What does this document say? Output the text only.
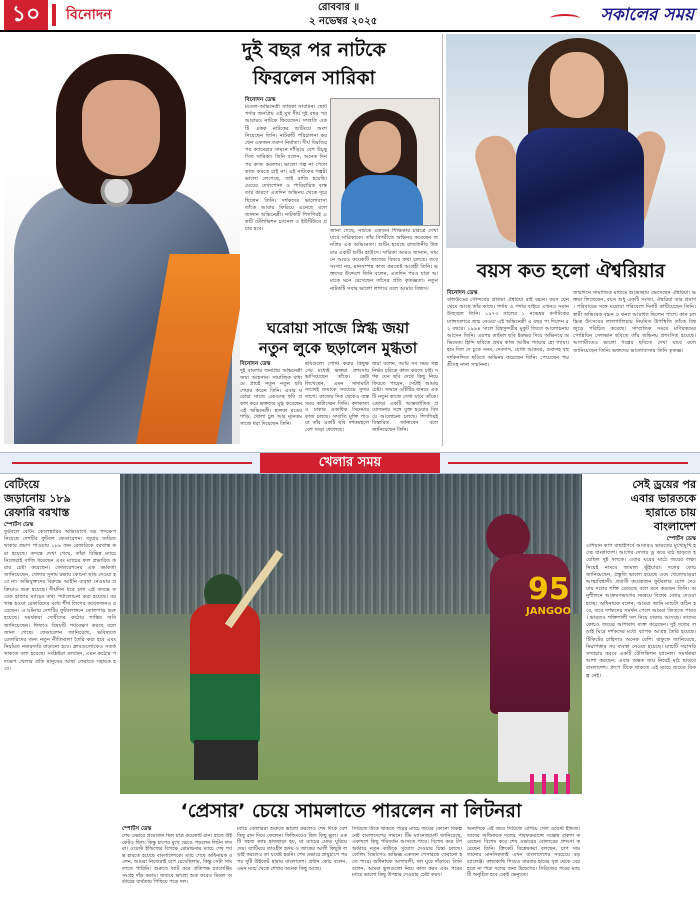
১০	বিনোদন	রোববার ॥
২ নভেম্বর ২০২৫	সকালের সময়
দুই বছর পর নাটকে
ফিরলেন সারিকা
বিনোদন ডেস্ক
মডেল-অভিনেত্রী সারিকা সাবরিন। ছোট পর্দার জনপ্রিয় এই মুখ দীর্ঘ দুই বছর পর আবারও নাটকে ফিরেছেন। সম্প্রতি একটি একক নাটকের শুটিংয়ে অংশ নিয়েছেন তিনি। নাটকটি পরিচালনা করছেন একজন তরুণ নির্মাতা। দীর্ঘ বিরতির পর ক্যামেরার সামনে দাঁড়িয়ে বেশ উচ্ছ্বসিত সারিকা। তিনি বলেন, অনেক দিন পর কাজ করলাম। ভালো গল্প না পেলে কাজ করতে চাই না। এই নাটকের গল্পটা ভালো লেগেছে, তাই রাজি হয়েছি। মেয়ের দেখাশোনা ও পারিবারিক ব্যস্ততার কারণে এতদিন অভিনয় থেকে দূরে ছিলেন তিনি। দর্শকদের ভালোবাসা তাঁকে আবার ফিরিয়ে এনেছে বলে জানান অভিনেত্রী। নাটকটি শিগগিরই একটি টেলিভিশন চ্যানেল ও ইউটিউবে প্রচার হবে।	জানা গেছে, নাটকে একজন শিক্ষিকার চরিত্রে দেখা যাবে সারিকাকে। তাঁর বিপরীতে অভিনয় করেছেন জনপ্রিয় এক অভিনেতা। শুটিং হয়েছে রাজধানীর উত্তরার একটি শুটিং হাউসে। সারিকা আরও জানান, সামনে আরও কয়েকটি কাজের বিষয়ে কথা চলছে। তবে সংখ্যা নয়, মানসম্পন্ন কাজ করতেই আগ্রহী তিনি। ভক্তদের উদ্দেশে তিনি বলেন, এতদিন পরও যারা আমাকে মনে রেখেছেন তাঁদের প্রতি কৃতজ্ঞতা। নতুন নাটকটি সবার ভালো লাগবে বলে আমার বিশ্বাস।
ঘরোয়া সাজে স্নিগ্ধ জয়া
নতুন লুকে ছড়ালেন মুগ্ধতা
বিনোদন ডেস্ক
দুই বাংলার জনপ্রিয় অভিনেত্রী জয়া আহসান। সামাজিক মাধ্যমে প্রায়ই নতুন নতুন ছবি শেয়ার করেন তিনি। এবার ঘরোয়া সাজে একগুচ্ছ ছবি প্রকাশ করে ভক্তদের মুগ্ধ করেছেন এই অভিনেত্রী। হালকা রঙের শাড়ি, খোলা চুল আর ন্যূনতম সাজে ধরা দিয়েছেন তিনি।
ছবিগুলো পোস্ট করার কিছুক্ষণের মধ্যেই ভক্তরা প্রশংসায় ভাসিয়েছেন তাঁকে। কেউ লিখেছেন, এমন সাদামাটা সাজেই জয়াকে সবচেয়ে সুন্দর লাগে। কাজের দিক থেকেও ব্যস্ত সময় কাটাচ্ছেন তিনি। কলকাতা ও ঢাকার একাধিক সিনেমার কাজ চলছে। সম্প্রতি মুক্তি পাওয়া তাঁর একটি ছবি দর্শকমহলে বেশ সাড়া ফেলেছে।
জয়া বলেন, আমি সব সময় গল্পনির্ভর চরিত্রে কাজ করতে চাই। দর্শক যেন ছবি দেখে কিছু নিয়ে ফিরতে পারেন, সেটাই আমার চেষ্টা। সামনে ওটিটির জন্যও একটি নতুন কাজে দেখা যাবে তাঁকে। এছাড়া একটি আন্তর্জাতিক প্রযোজনার সঙ্গে যুক্ত হওয়ার বিষয়ে আলোচনা চলছে। শিগগিরই বিস্তারিত জানাবেন বলে জানিয়েছেন তিনি।
বয়স কত হলো ঐশ্বরিয়ার
বিনোদন ডেস্ক
বলিউডের সৌন্দর্যের প্রতিমা ঐশ্বরিয়া রাই বচ্চন। বয়স যেন থেমে আছে তাঁর কাছে। পর্দায় ও পর্দার বাইরে এখনও সমান উজ্জ্বল তিনি। ১৯৭৩ সালের ১ নভেম্বর কর্ণাটকের ম্যাঙ্গালোরে জন্ম নেওয়া এই অভিনেত্রী এ বছর পা দিলেন ৫২ বছরে। ১৯৯৪ সালে বিশ্বসুন্দরীর মুকুট জিতে আলোচনায় আসেন তিনি। এরপর তামিল ছবি ইরুভর দিয়ে অভিনয়ে অভিষেক। হিন্দি ছবিতে প্রথম কাজ আউর প্যায়ার হো গ্যায়া। হাম দিল দে চুকে সনম, দেবদাস, যোধা আকবর, গুরুসহ বহু দর্শকনন্দিত ছবিতে অভিনয় করেছেন তিনি। পেয়েছেন পদ্মশ্রীসহ নানা সম্মাননা।
জন্মদিনে সামাজিক মাধ্যমে শুভেচ্ছায় ভেসেছেন ঐশ্বরিয়া। ভক্তরা লিখেছেন, বয়স শুধু একটি সংখ্যা, ঐশ্বরিয়া তার প্রমাণ। পরিবারের সঙ্গে ঘরোয়া পরিবেশে দিনটি কাটিয়েছেন তিনি। স্বামী অভিষেক বচ্চন ও কন্যা আরাধ্যা ছিলেন পাশে। কান চলচ্চিত্র উৎসবের লালগালিচায় নিয়মিত উপস্থিতি তাঁকে বিশ্বজুড়ে পরিচিত করেছে। সাম্প্রতিক সময়ে মণিরত্নমের পোন্নিয়িন সেলভান ছবিতে তাঁর অভিনয় প্রশংসিত হয়েছে। আগামীতেও ভালো গল্পের ছবিতে দেখা যাবে বলে জানিয়েছেন তিনি। ভক্তদের ভালোবাসায় তিনি কৃতজ্ঞ।
খেলার সময়
বেটিংয়ে
জড়ানোয় ১৮৯
রেফারি বরখাস্ত
স্পোর্টস ডেস্ক
ফুটবলে বেটিং কেলেঙ্কারির অভিযোগে বড় পদক্ষেপ নিয়েছে দেশটির ফুটবল ফেডারেশন। জুয়ায় জড়িত থাকার প্রমাণ পাওয়ায় ১৮৯ জন রেফারিকে বরখাস্ত করা হয়েছে। তদন্তে দেখা গেছে, তাঁরা বিভিন্ন ম্যাচে নিজেরাই বাজি ধরেছেন এবং ম্যাচের ফল প্রভাবিত করার চেষ্টা করেছেন। ফেডারেশনের এক কর্মকর্তা জানিয়েছেন, খেলার সুনাম রক্ষায় কোনো ছাড় দেওয়া হবে না। অভিযুক্তদের বিরুদ্ধে আইনি ব্যবস্থা নেওয়ার প্রক্রিয়াও শুরু হয়েছে। দীর্ঘদিন ধরে চলা এই তদন্তে কয়েক হাজার ম্যাচের তথ্য পর্যালোচনা করা হয়েছে। বরখাস্ত হওয়া রেফারিদের মধ্যে শীর্ষ লিগের কয়েকজনও রয়েছেন। এ ঘটনায় দেশটির ফুটবলাঙ্গনে তোলপাড় শুরু হয়েছে। সমর্থকরা দোষীদের কঠোর শাস্তির দাবি জানিয়েছেন। ফিফাও বিষয়টি পর্যবেক্ষণ করছে বলে জানা গেছে। ফেডারেশন জানিয়েছে, ভবিষ্যতে রেফারিদের জন্য নতুন নীতিমালা তৈরি করা হবে এবং নিয়মিত নজরদারি বাড়ানো হবে। ক্লাবগুলোকেও সতর্ক থাকতে বলা হয়েছে। সংশ্লিষ্টরা বলছেন, এমন কঠোর পদক্ষেপ খেলার প্রতি মানুষের আস্থা ফেরাতে সহায়ক হবে।
95
JANGOO
সেই ড্রয়ের পর
এবার ভারতকে
হারাতে চায়
বাংলাদেশ
স্পোর্টস ডেস্ক
এশিয়ান কাপ বাছাইপর্বে আবারও ভারতের মুখোমুখি হচ্ছে বাংলাদেশ। আগের দেখায় ড্র করে মাঠ ছাড়তে হয়েছিল দুই দলকে। এবার ঘরের মাঠে জয়ের লক্ষ্য নিয়েই নামবে জামাল ভূঁইয়ারা। দলের কোচ জানিয়েছেন, প্রস্তুতি ভালো হয়েছে এবং খেলোয়াড়রা আত্মবিশ্বাসী। প্রবাসী কয়েকজন ফুটবলার যোগ দেওয়ায় দলের শক্তি বেড়েছে বলে মনে করছেন তিনি। অনুশীলনে আক্রমণভাগের সমন্বয়ে বিশেষ জোর দেওয়া হচ্ছে। অধিনায়ক বলেন, আমরা জানি ম্যাচটা কঠিন হবে, তবে দর্শকদের সমর্থন পেলে আমরা জিততে পারব। ভারতও শক্তিশালী দল নিয়ে ঢাকায় আসছে। তাদের কোচও জয়ের আশাবাদ ব্যক্ত করেছেন। দুই দলের লড়াই ঘিরে দর্শকদের মধ্যে ব্যাপক আগ্রহ তৈরি হয়েছে। টিকিটের চাহিদাও অনেক বেশি। বাফুফে জানিয়েছে, নিরাপত্তার সব ব্যবস্থা নেওয়া হয়েছে। ম্যাচটি সরাসরি সম্প্রচার করবে একটি টেলিভিশন চ্যানেল। সমর্থকরা আশা করছেন, এবার অন্তত জয় নিয়েই মাঠ ছাড়বে বাংলাদেশ। গ্রুপে টিকে থাকতে এই ম্যাচে জয়ের বিকল্প নেই।
‘প্রেসার’ চেয়ে সামলাতে পারলেন না লিটনরা
স্পোর্টস ডেস্ক
শেষ ওভারে প্রয়োজন ছিল মাত্র কয়েকটি রান। হাতে উইকেটও ছিল। কিন্তু চাপের মুখে ভেঙে পড়লেন লিটন দাসরা। ওয়েস্ট ইন্ডিজের বিপক্ষে রোমাঞ্চকর ম্যাচে শেষ পর্যন্ত হারতে হয়েছে বাংলাদেশকে। ম্যাচ শেষে অধিনায়ক বলেন, আমরা নিজেরাই চাপ চেয়েছিলাম, কিন্তু সেটা সামলাতে পারিনি। শুরুতে ব্যাট করে প্রতিপক্ষ চ্যালেঞ্জিং সংগ্রহ দাঁড় করায়। জবাবে ভালো শুরু করেও মিডল অর্ডারের ব্যর্থতায় পিছিয়ে পড়ে দল।
ম্যাচে বোলাররা শুরুতে ভালো করলেও শেষ দিকে বেশ কিছু রান দিয়ে ফেলেন। ফিল্ডিংয়েও ছিল কিছু ভুল। একটি সহজ ক্যাচ হাতছাড়া হয়, যা ম্যাচের মোড় ঘুরিয়ে দেয়। ব্যাটিংয়ে তাওহীদ হৃদয় ও জাকের আলী কিছুটা লড়াই করলেও তা যথেষ্ট হয়নি। শেষ ওভারে স্নায়ুচাপে পরপর দুটি উইকেট হারায় বাংলাদেশ। প্রধান কোচ বলেন, এমন ম্যাচ থেকে শেখার অনেক কিছু আছে।
সিরিজে টিকে থাকতে পরের ম্যাচে জয়ের কোনো বিকল্প নেই বাংলাদেশের সামনে। টিম ম্যানেজমেন্ট জানিয়েছে, একাদশে কিছু পরিবর্তন আসতে পারে। বিশেষ করে টপ অর্ডারে নতুন কাউকে সুযোগ দেওয়ার চিন্তা চলছে। বোলিং বিভাগেও অভিজ্ঞ একজন পেসারকে ফেরানো হতে পারে। অধিনায়ক আশাবাদী, দল ঘুরে দাঁড়াবে। তিনি বলেন, আমরা ভুলগুলো নিয়ে কাজ করব এবং পরের ম্যাচে ভালো কিছু উপহার দেওয়ার চেষ্টা করব।
অন্যদিকে এই জয়ে সিরিজে এগিয়ে গেল ওয়েস্ট ইন্ডিজ। তাদের অধিনায়ক দলের পারফরম্যান্সে সন্তোষ প্রকাশ করেছেন। বিশেষ করে শেষ ওভারের বোলারের প্রশংসা করেছেন তিনি। ক্রিকেট বিশ্লেষকরা বলছেন, চাপ সামলানোর মানসিকতাই এখন বাংলাদেশের সবচেয়ে বড় চ্যালেঞ্জ। কাছাকাছি গিয়েও বারবার হারের বৃত্ত থেকে বের হতে না পারা দলের জন্য উদ্বেগের। সিরিজের পরের ম্যাচটি অনুষ্ঠিত হবে একই ভেন্যুতে।
